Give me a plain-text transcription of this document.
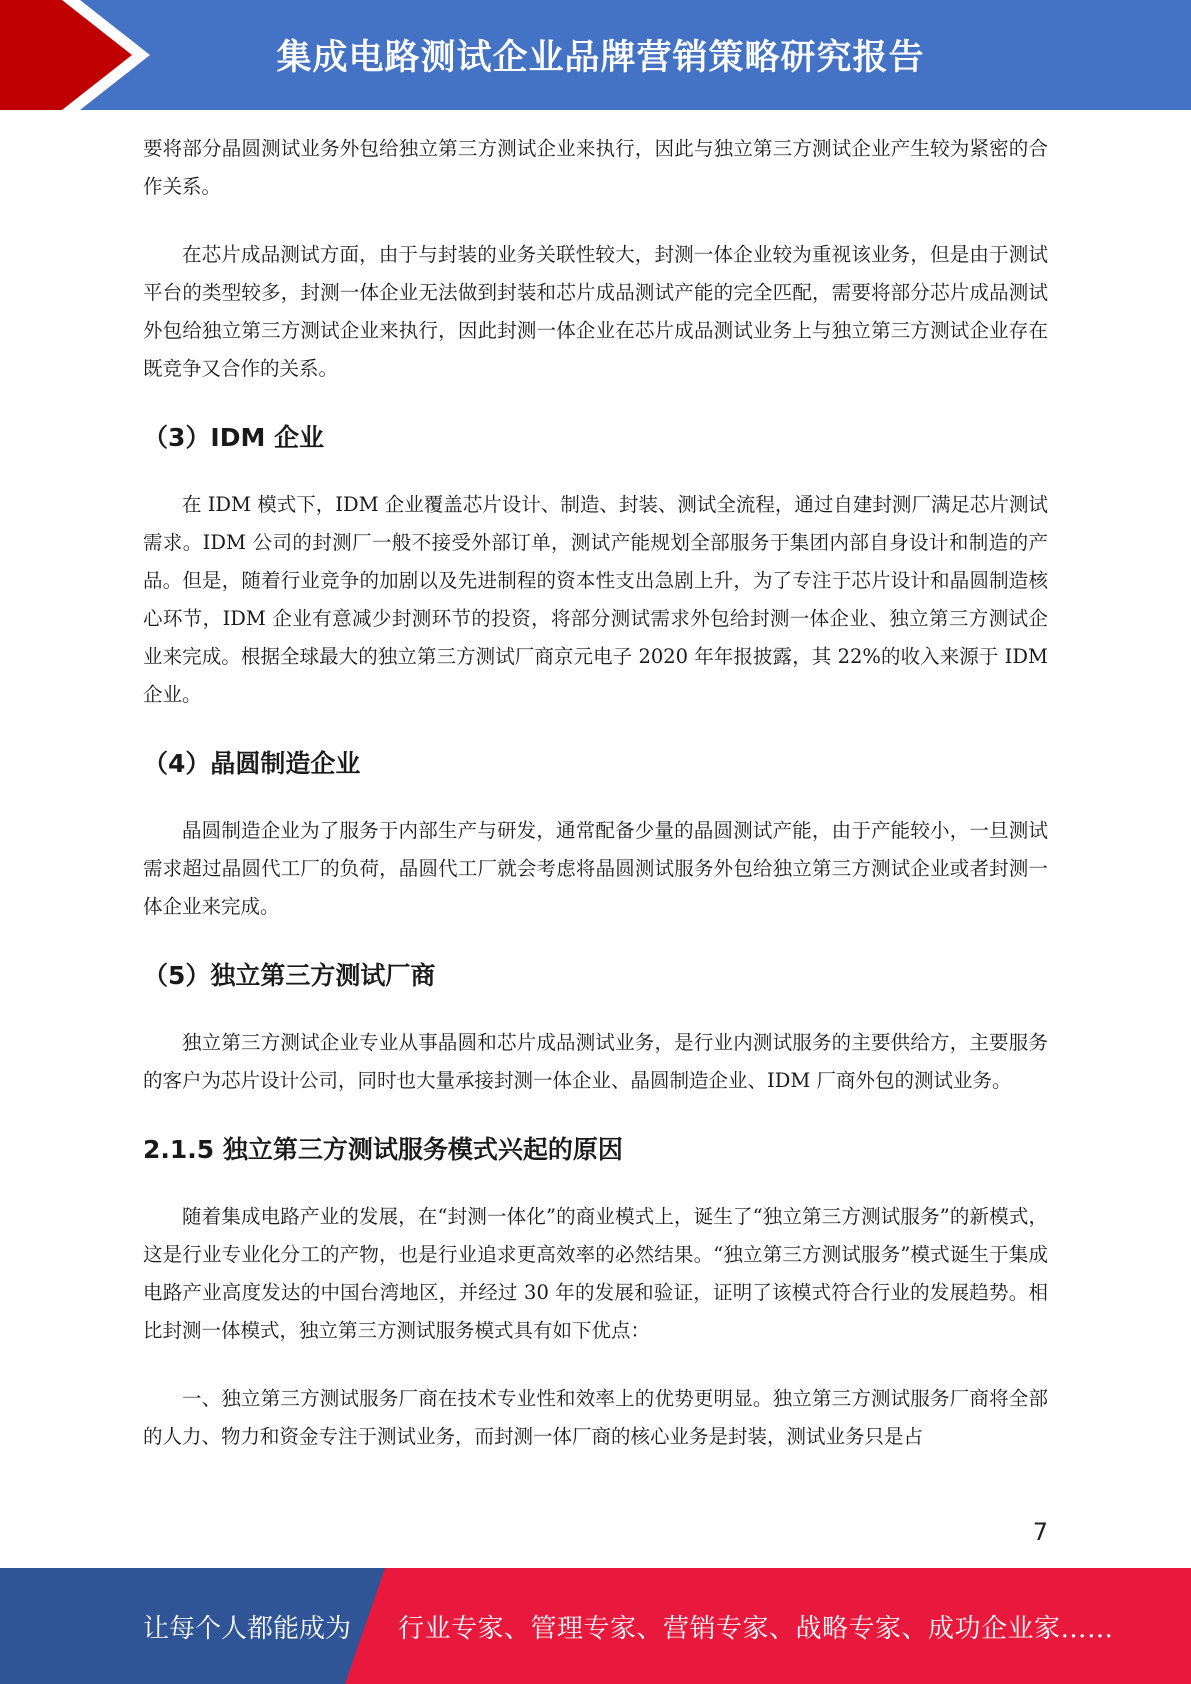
集成电路测试企业品牌营销策略研究报告

要将部分晶圆测试业务外包给独立第三方测试企业来执行，因此与独立第三方测试企业产生较为紧密的合作关系。

在芯片成品测试方面，由于与封装的业务关联性较大，封测一体企业较为重视该业务，但是由于测试平台的类型较多，封测一体企业无法做到封装和芯片成品测试产能的完全匹配，需要将部分芯片成品测试外包给独立第三方测试企业来执行，因此封测一体企业在芯片成品测试业务上与独立第三方测试企业存在既竞争又合作的关系。

（3）IDM 企业

在 IDM 模式下，IDM 企业覆盖芯片设计、制造、封装、测试全流程，通过自建封测厂满足芯片测试需求。IDM 公司的封测厂一般不接受外部订单，测试产能规划全部服务于集团内部自身设计和制造的产品。但是，随着行业竞争的加剧以及先进制程的资本性支出急剧上升，为了专注于芯片设计和晶圆制造核心环节，IDM 企业有意减少封测环节的投资，将部分测试需求外包给封测一体企业、独立第三方测试企业来完成。根据全球最大的独立第三方测试厂商京元电子 2020 年年报披露，其 22%的收入来源于 IDM 企业。

（4）晶圆制造企业

晶圆制造企业为了服务于内部生产与研发，通常配备少量的晶圆测试产能，由于产能较小，一旦测试需求超过晶圆代工厂的负荷，晶圆代工厂就会考虑将晶圆测试服务外包给独立第三方测试企业或者封测一体企业来完成。

（5）独立第三方测试厂商

独立第三方测试企业专业从事晶圆和芯片成品测试业务，是行业内测试服务的主要供给方，主要服务的客户为芯片设计公司，同时也大量承接封测一体企业、晶圆制造企业、IDM 厂商外包的测试业务。

2.1.5 独立第三方测试服务模式兴起的原因

随着集成电路产业的发展，在“封测一体化”的商业模式上，诞生了“独立第三方测试服务”的新模式，这是行业专业化分工的产物，也是行业追求更高效率的必然结果。“独立第三方测试服务”模式诞生于集成电路产业高度发达的中国台湾地区，并经过 30 年的发展和验证，证明了该模式符合行业的发展趋势。相比封测一体模式，独立第三方测试服务模式具有如下优点：

一、独立第三方测试服务厂商在技术专业性和效率上的优势更明显。独立第三方测试服务厂商将全部的人力、物力和资金专注于测试业务，而封测一体厂商的核心业务是封装，测试业务只是占

7
让每个人都能成为 行业专家、管理专家、营销专家、战略专家、成功企业家……
